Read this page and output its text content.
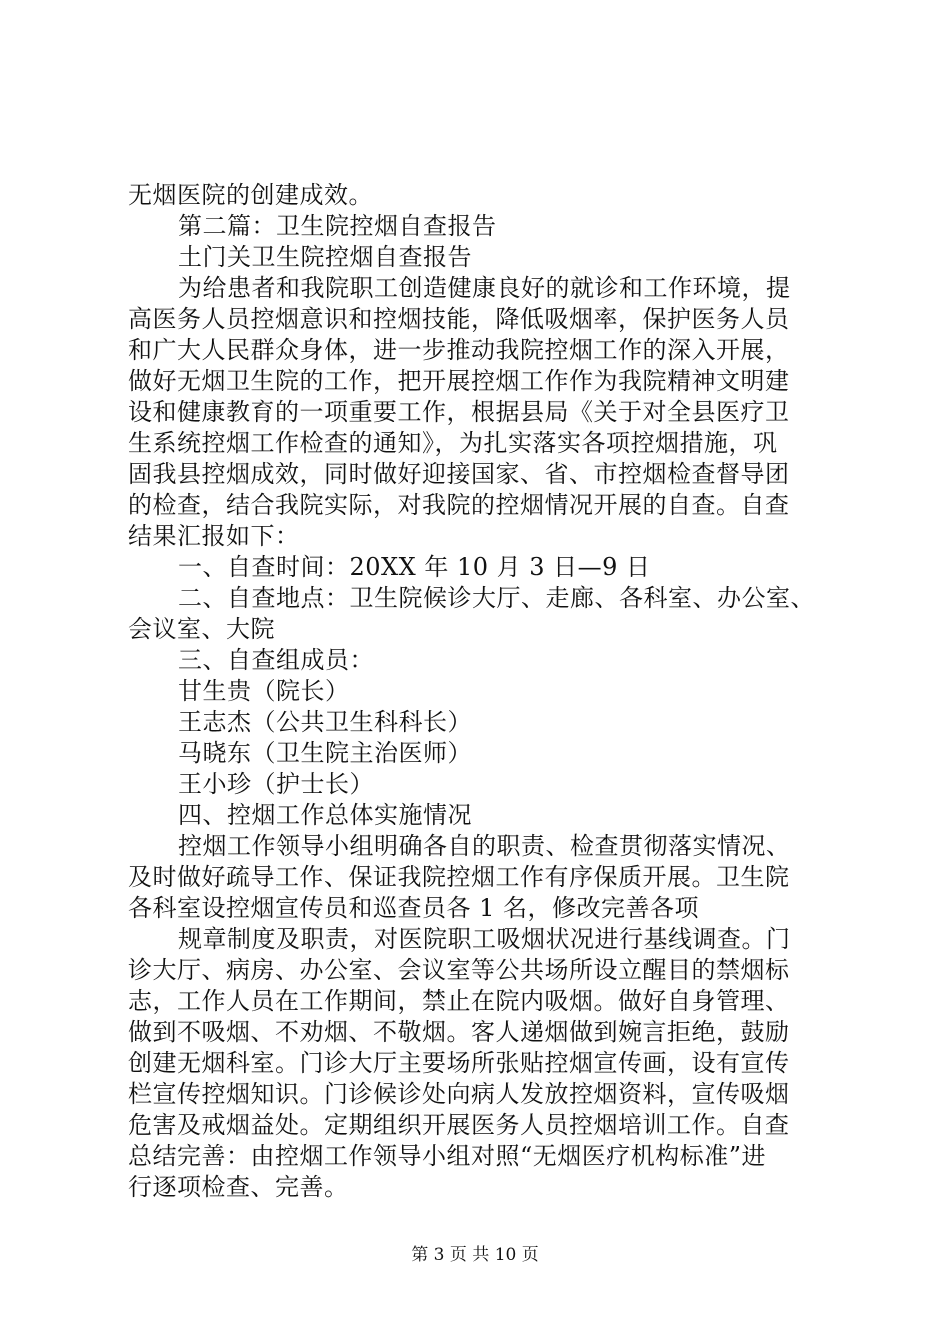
无烟医院的创建成效。
第二篇：卫生院控烟自查报告
土门关卫生院控烟自查报告
为给患者和我院职工创造健康良好的就诊和工作环境，提
高医务人员控烟意识和控烟技能，降低吸烟率，保护医务人员
和广大人民群众身体，进一步推动我院控烟工作的深入开展，
做好无烟卫生院的工作，把开展控烟工作作为我院精神文明建
设和健康教育的一项重要工作，根据县局《关于对全县医疗卫
生系统控烟工作检查的通知》，为扎实落实各项控烟措施，巩
固我县控烟成效，同时做好迎接国家、省、市控烟检查督导团
的检查，结合我院实际，对我院的控烟情况开展的自查。自查
结果汇报如下：
一、自查时间：20XX 年 10 月 3 日—9 日
二、自查地点：卫生院候诊大厅、走廊、各科室、办公室、
会议室、大院
三、自查组成员：
甘生贵（院长）
王志杰（公共卫生科科长）
马晓东（卫生院主治医师）
王小珍（护士长）
四、控烟工作总体实施情况
控烟工作领导小组明确各自的职责、检查贯彻落实情况、
及时做好疏导工作、保证我院控烟工作有序保质开展。卫生院
各科室设控烟宣传员和巡查员各 1 名，修改完善各项
规章制度及职责，对医院职工吸烟状况进行基线调查。门
诊大厅、病房、办公室、会议室等公共场所设立醒目的禁烟标
志，工作人员在工作期间，禁止在院内吸烟。做好自身管理、
做到不吸烟、不劝烟、不敬烟。客人递烟做到婉言拒绝，鼓励
创建无烟科室。门诊大厅主要场所张贴控烟宣传画，设有宣传
栏宣传控烟知识。门诊候诊处向病人发放控烟资料，宣传吸烟
危害及戒烟益处。定期组织开展医务人员控烟培训工作。自查
总结完善：由控烟工作领导小组对照“无烟医疗机构标准”进
行逐项检查、完善。
第 3 页 共 10 页
